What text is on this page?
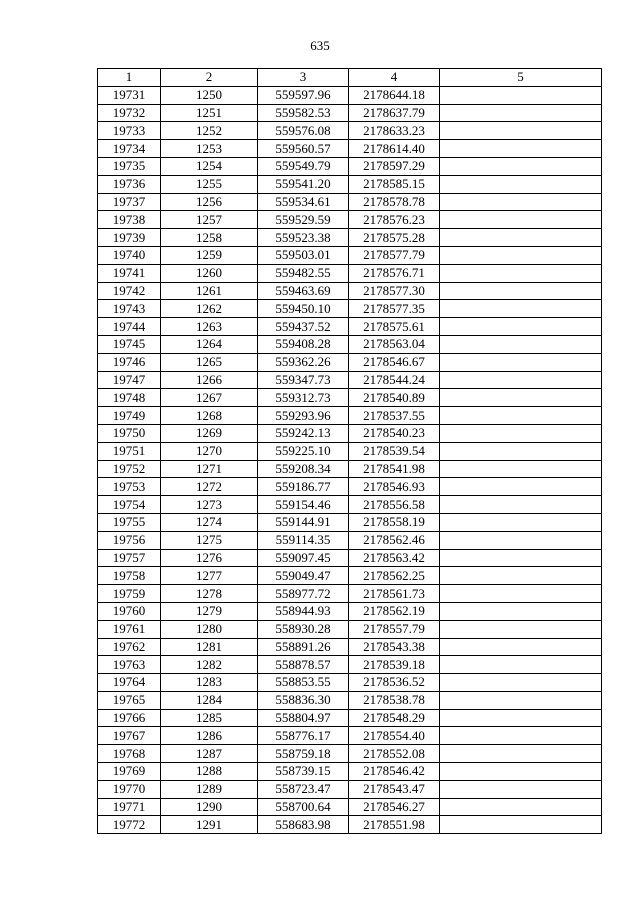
635
1	2	3	4	5
19731	1250	559597.96	2178644.18	
19732	1251	559582.53	2178637.79	
19733	1252	559576.08	2178633.23	
19734	1253	559560.57	2178614.40	
19735	1254	559549.79	2178597.29	
19736	1255	559541.20	2178585.15	
19737	1256	559534.61	2178578.78	
19738	1257	559529.59	2178576.23	
19739	1258	559523.38	2178575.28	
19740	1259	559503.01	2178577.79	
19741	1260	559482.55	2178576.71	
19742	1261	559463.69	2178577.30	
19743	1262	559450.10	2178577.35	
19744	1263	559437.52	2178575.61	
19745	1264	559408.28	2178563.04	
19746	1265	559362.26	2178546.67	
19747	1266	559347.73	2178544.24	
19748	1267	559312.73	2178540.89	
19749	1268	559293.96	2178537.55	
19750	1269	559242.13	2178540.23	
19751	1270	559225.10	2178539.54	
19752	1271	559208.34	2178541.98	
19753	1272	559186.77	2178546.93	
19754	1273	559154.46	2178556.58	
19755	1274	559144.91	2178558.19	
19756	1275	559114.35	2178562.46	
19757	1276	559097.45	2178563.42	
19758	1277	559049.47	2178562.25	
19759	1278	558977.72	2178561.73	
19760	1279	558944.93	2178562.19	
19761	1280	558930.28	2178557.79	
19762	1281	558891.26	2178543.38	
19763	1282	558878.57	2178539.18	
19764	1283	558853.55	2178536.52	
19765	1284	558836.30	2178538.78	
19766	1285	558804.97	2178548.29	
19767	1286	558776.17	2178554.40	
19768	1287	558759.18	2178552.08	
19769	1288	558739.15	2178546.42	
19770	1289	558723.47	2178543.47	
19771	1290	558700.64	2178546.27	
19772	1291	558683.98	2178551.98	
